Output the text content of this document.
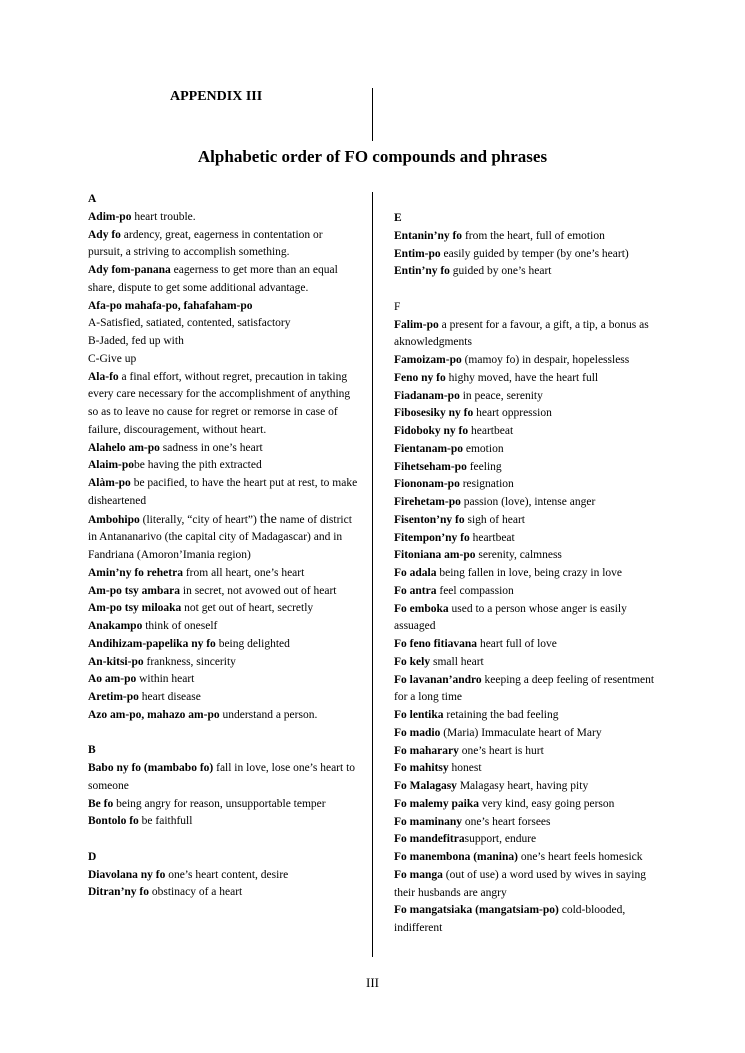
APPENDIX III
Alphabetic order of FO compounds and phrases
A
Adim-po heart trouble.
Ady fo ardency, great, eagerness in contentation or pursuit, a striving to accomplish something.
Ady fom-panana eagerness to get more than an equal share, dispute to get some additional advantage.
Afa-po mahafa-po, fahafaham-po
A-Satisfied, satiated, contented, satisfactory
B-Jaded, fed up with
C-Give up
Ala-fo a final effort, without regret, precaution in taking every care necessary for the accomplishment of anything so as to leave no cause for regret or remorse in case of failure, discouragement, without heart.
Alahelo am-po sadness in one’s heart
Alaim-pobe having the pith extracted
Alàm-po be pacified, to have the heart put at rest, to make disheartened
Ambohipo (literally, “city of heart”) the name of district in Antananarivo (the capital city of Madagascar) and in Fandriana (Amoron’Imania region)
Amin’ny fo rehetra from all heart, one’s heart
Am-po tsy ambara in secret, not avowed out of heart
Am-po tsy miloaka not get out of heart, secretly
Anakampo think of oneself
Andihizam-papelika ny fo being delighted
An-kitsi-po frankness, sincerity
Ao am-po within heart
Aretim-po heart disease
Azo am-po, mahazo am-po understand a person.
B
Babo ny fo (mambabo fo) fall in love, lose one’s heart to someone
Be fo being angry for reason, unsupportable temper
Bontolo fo be faithfull
D
Diavolana ny fo one’s heart content, desire
Ditran’ny fo obstinacy of a heart
E
Entanin’ny fo from the heart, full of emotion
Entim-po easily guided by temper (by one’s heart)
Entin’ny fo guided by one’s heart
F
Falim-po a present for a favour, a gift, a tip, a bonus as aknowledgments
Famoizam-po (mamoy fo) in despair, hopelessless
Feno ny fo highy moved, have the heart full
Fiadanam-po in peace, serenity
Fibosesiky ny fo heart oppression
Fidoboky ny fo heartbeat
Fientanam-po emotion
Fihetseham-po feeling
Fiononam-po resignation
Firehetam-po passion (love), intense anger
Fisenton’ny fo sigh of heart
Fitempon’ny fo heartbeat
Fitoniana am-po serenity, calmness
Fo adala being fallen in love, being crazy in love
Fo antra feel compassion
Fo emboka used to a person whose anger is easily assuaged
Fo feno fitiavana heart full of love
Fo kely small heart
Fo lavanan’andro keeping a deep feeling of resentment for a long time
Fo lentika retaining the bad feeling
Fo madio (Maria) Immaculate heart of Mary
Fo maharary one’s heart is hurt
Fo mahitsy honest
Fo Malagasy Malagasy heart, having pity
Fo malemy paika very kind, easy going person
Fo maminany one’s heart forsees
Fo mandefitrasupport, endure
Fo manembona (manina) one’s heart feels homesick
Fo manga (out of use) a word used by wives in saying their husbands are angry
Fo mangatsiaka (mangatsiam-po) cold-blooded, indifferent
III
